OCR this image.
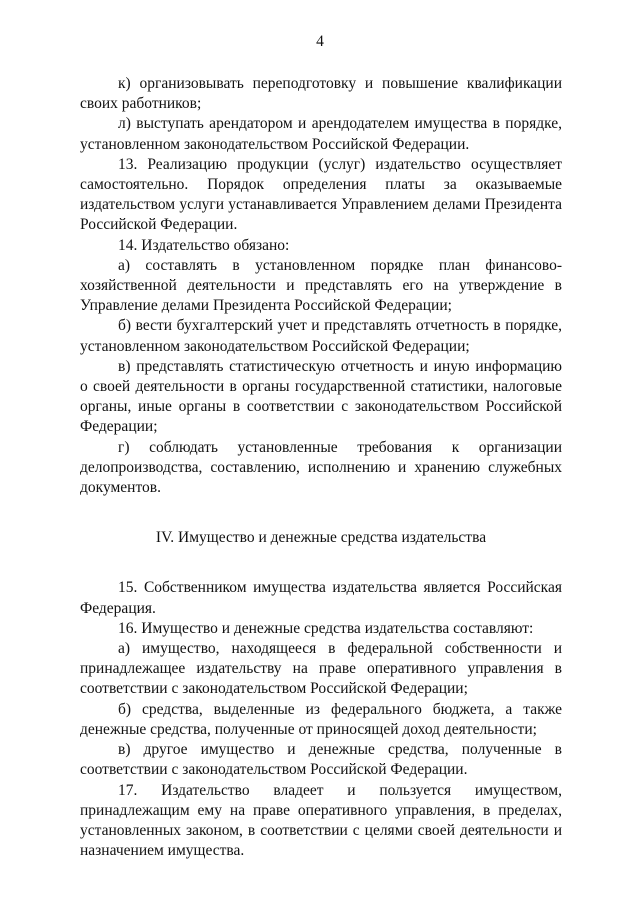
4

к) организовывать переподготовку и повышение квалификации своих работников;

л) выступать арендатором и арендодателем имущества в порядке, установленном законодательством Российской Федерации.

13. Реализацию продукции (услуг) издательство осуществляет самостоятельно. Порядок определения платы за оказываемые издательством услуги устанавливается Управлением делами Президента Российской Федерации.

14. Издательство обязано:

а) составлять в установленном порядке план финансово-хозяйственной деятельности и представлять его на утверждение в Управление делами Президента Российской Федерации;

б) вести бухгалтерский учет и представлять отчетность в порядке, установленном законодательством Российской Федерации;

в) представлять статистическую отчетность и иную информацию о своей деятельности в органы государственной статистики, налоговые органы, иные органы в соответствии с законодательством Российской Федерации;

г) соблюдать установленные требования к организации делопроизводства, составлению, исполнению и хранению служебных документов.

IV. Имущество и денежные средства издательства

15. Собственником имущества издательства является Российская Федерация.

16. Имущество и денежные средства издательства составляют:

а) имущество, находящееся в федеральной собственности и принадлежащее издательству на праве оперативного управления в соответствии с законодательством Российской Федерации;

б) средства, выделенные из федерального бюджета, а также денежные средства, полученные от приносящей доход деятельности;

в) другое имущество и денежные средства, полученные в соответствии с законодательством Российской Федерации.

17. Издательство владеет и пользуется имуществом, принадлежащим ему на праве оперативного управления, в пределах, установленных законом, в соответствии с целями своей деятельности и назначением имущества.
